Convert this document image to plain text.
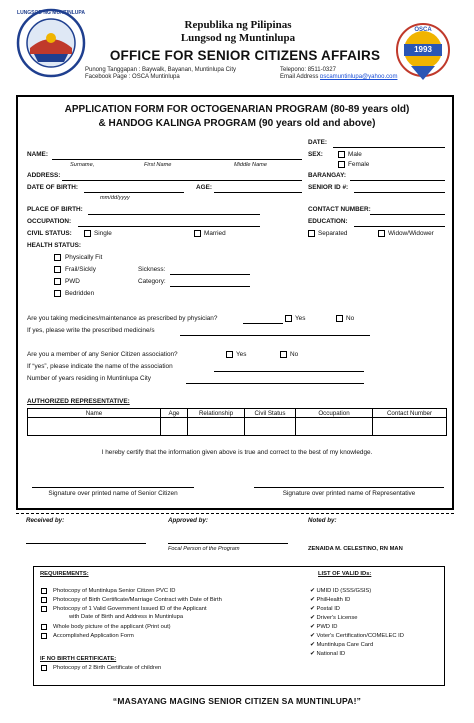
LUNGSOD NG MUNTINLUPA
Republika ng Pilipinas
Lungsod ng Muntinlupa
OFFICE FOR SENIOR CITIZENS AFFAIRS
Punong Tanggapan : Baywalk, Bayanan, Muntinlupa City
Facebook Page : OSCA Muntinlupa
Telepono: 8511-0327
Email Address :
oscamuntinlupa@yahoo.com
OSCA
1993
APPLICATION FORM FOR OCTOGENARIAN PROGRAM (80-89 years old)
& HANDOG KALINGA PROGRAM (90 years old and above)
DATE:
NAME:
Surname,	First Name	Middle Name
SEX:	Male
Female
ADDRESS:	BARANGAY:
DATE OF BIRTH:
mm/dd/yyyy
AGE:	SENIOR ID #:
PLACE OF BIRTH:	CONTACT NUMBER:
OCCUPATION:	EDUCATION:
CIVIL STATUS:	Single	Married	Separated	Widow/Widower
HEALTH STATUS:
Physically Fit
Frail/Sickly
PWD
Bedridden
Sickness:
Category:
Are you taking medicines/maintenance as prescribed by physician?	Yes	No
If yes, please write the prescribed medicine/s
Are you a member of any Senior Citizen association?	Yes	No
If “yes”, please indicate the name of the association
Number of years residing in Muntinlupa City
AUTHORIZED REPRESENTATIVE:
Name	Age	Relationship	Civil Status	Occupation	Contact Number

I hereby certify that the information given above is true and correct to the best of my knowledge.
Signature over printed name of Senior Citizen	Signature over printed name of Representative
Received by:	Approved by:	Noted by:
Focal Person of the Program	ZENAIDA M. CELESTINO, RN MAN
REQUIREMENTS:
Photocopy of Muntinlupa Senior Citizen PVC ID
Photocopy of Birth Certificate/Marriage Contract with Date of Birth
Photocopy of 1 Valid Government Issued ID of the Applicant
with Date of Birth and Address in Muntinlupa
Whole body picture of the applicant (Print out)
Accomplished Application Form
IF NO BIRTH CERTIFICATE:
Photocopy of 2 Birth Certificate of children
LIST OF VALID IDs:
✔ UMID ID (SSS/GSIS)
✔ PhilHealth ID
✔ Postal ID
✔ Driver's License
✔ PWD ID
✔ Voter's Certification/COMELEC ID
✔ Muntinlupa Care Card
✔ National ID
“MASAYANG MAGING SENIOR CITIZEN SA MUNTINLUPA!”
